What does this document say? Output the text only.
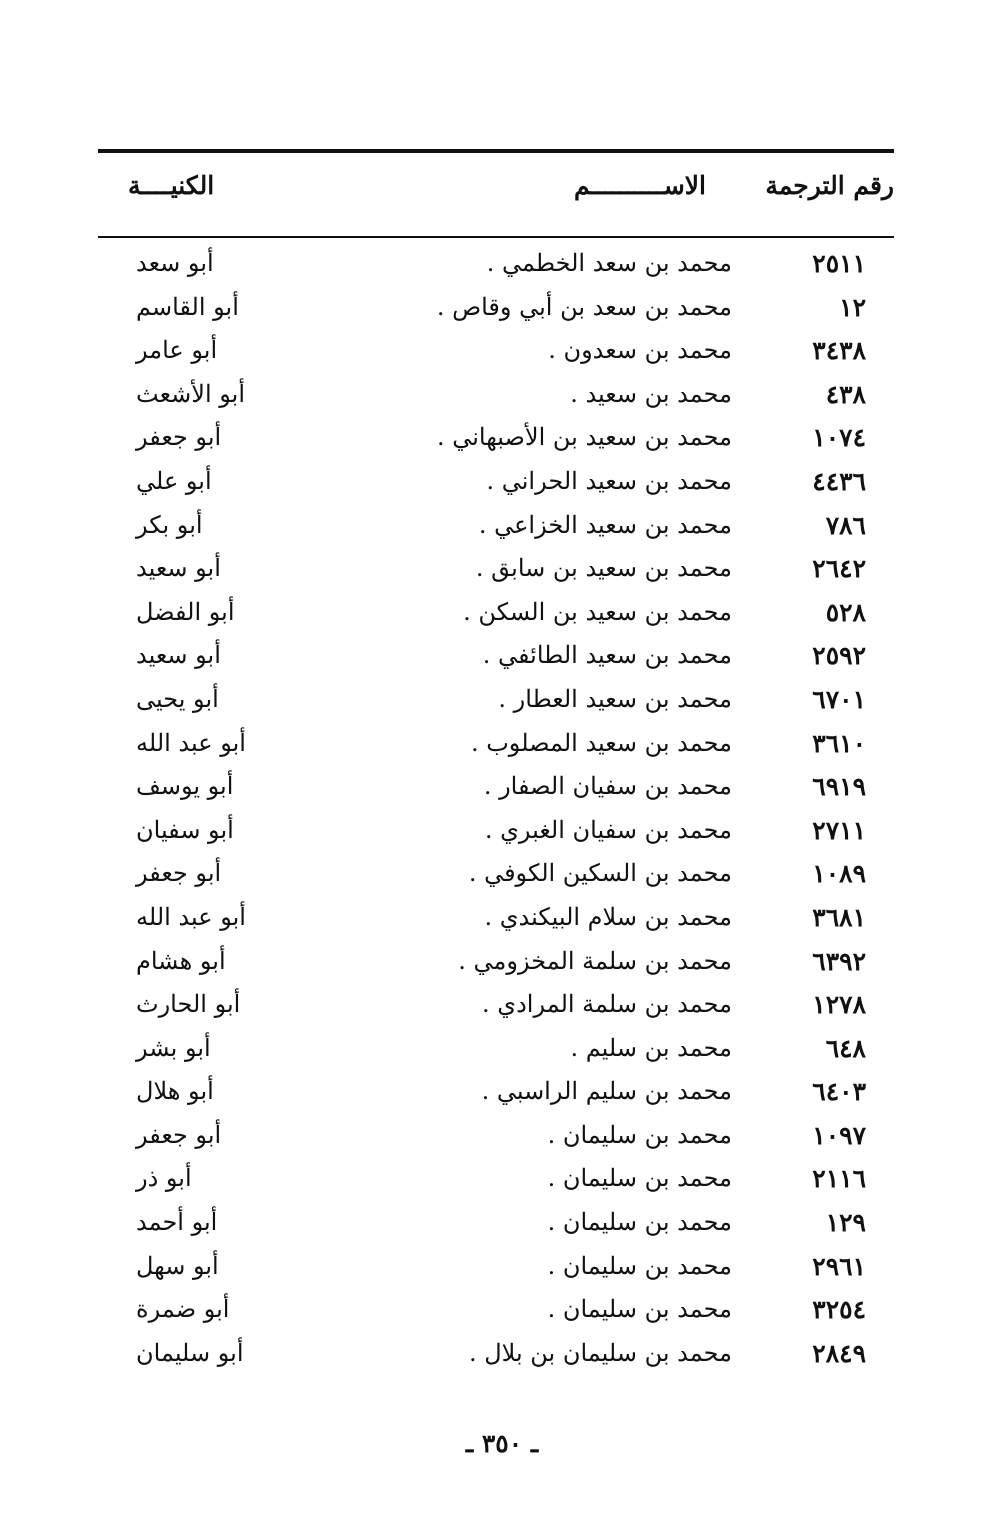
رقم الترجمة
الاســــــــــم
الكنيــــة
٢٥١١
محمد بن سعد الخطمي .
أبو سعد
١٢
محمد بن سعد بن أبي وقاص .
أبو القاسم
٣٤٣٨
محمد بن سعدون .
أبو عامر
٤٣٨
محمد بن سعيد .
أبو الأشعث
١٠٧٤
محمد بن سعيد بن الأصبهاني .
أبو جعفر
٤٤٣٦
محمد بن سعيد الحراني .
أبو علي
٧٨٦
محمد بن سعيد الخزاعي .
أبو بكر
٢٦٤٢
محمد بن سعيد بن سابق .
أبو سعيد
٥٢٨
محمد بن سعيد بن السكن .
أبو الفضل
٢٥٩٢
محمد بن سعيد الطائفي .
أبو سعيد
٦٧٠١
محمد بن سعيد العطار .
أبو يحيى
٣٦١٠
محمد بن سعيد المصلوب .
أبو عبد الله
٦٩١٩
محمد بن سفيان الصفار .
أبو يوسف
٢٧١١
محمد بن سفيان الغبري .
أبو سفيان
١٠٨٩
محمد بن السكين الكوفي .
أبو جعفر
٣٦٨١
محمد بن سلام البيكندي .
أبو عبد الله
٦٣٩٢
محمد بن سلمة المخزومي .
أبو هشام
١٢٧٨
محمد بن سلمة المرادي .
أبو الحارث
٦٤٨
محمد بن سليم .
أبو بشر
٦٤٠٣
محمد بن سليم الراسبي .
أبو هلال
١٠٩٧
محمد بن سليمان .
أبو جعفر
٢١١٦
محمد بن سليمان .
أبو ذر
١٢٩
محمد بن سليمان .
أبو أحمد
٢٩٦١
محمد بن سليمان .
أبو سهل
٣٢٥٤
محمد بن سليمان .
أبو ضمرة
٢٨٤٩
محمد بن سليمان بن بلال .
أبو سليمان
ـ ٣٥٠ ـ
